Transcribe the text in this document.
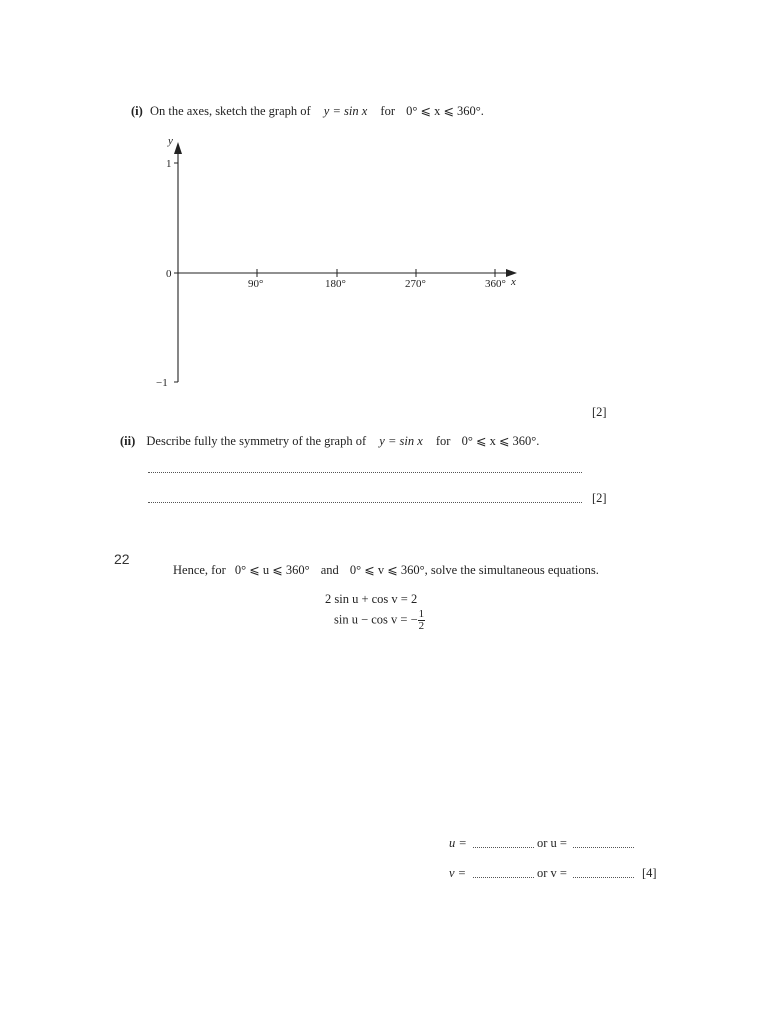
(i) On the axes, sketch the graph of y = sin x for 0° ⩽ x ⩽ 360°.
y
x
1
0
−1
90°	180°	270°	360°
[2]
(ii) Describe fully the symmetry of the graph of y = sin x for 0° ⩽ x ⩽ 360°.
[2]
22
Hence, for 0° ⩽ u ⩽ 360° and 0° ⩽ v ⩽ 360°, solve the simultaneous equations.
2 sin u + cos v = 2
sin u − cos v = − $\frac{1}{2}$
u =	or u =
v =	or v =	[4]
